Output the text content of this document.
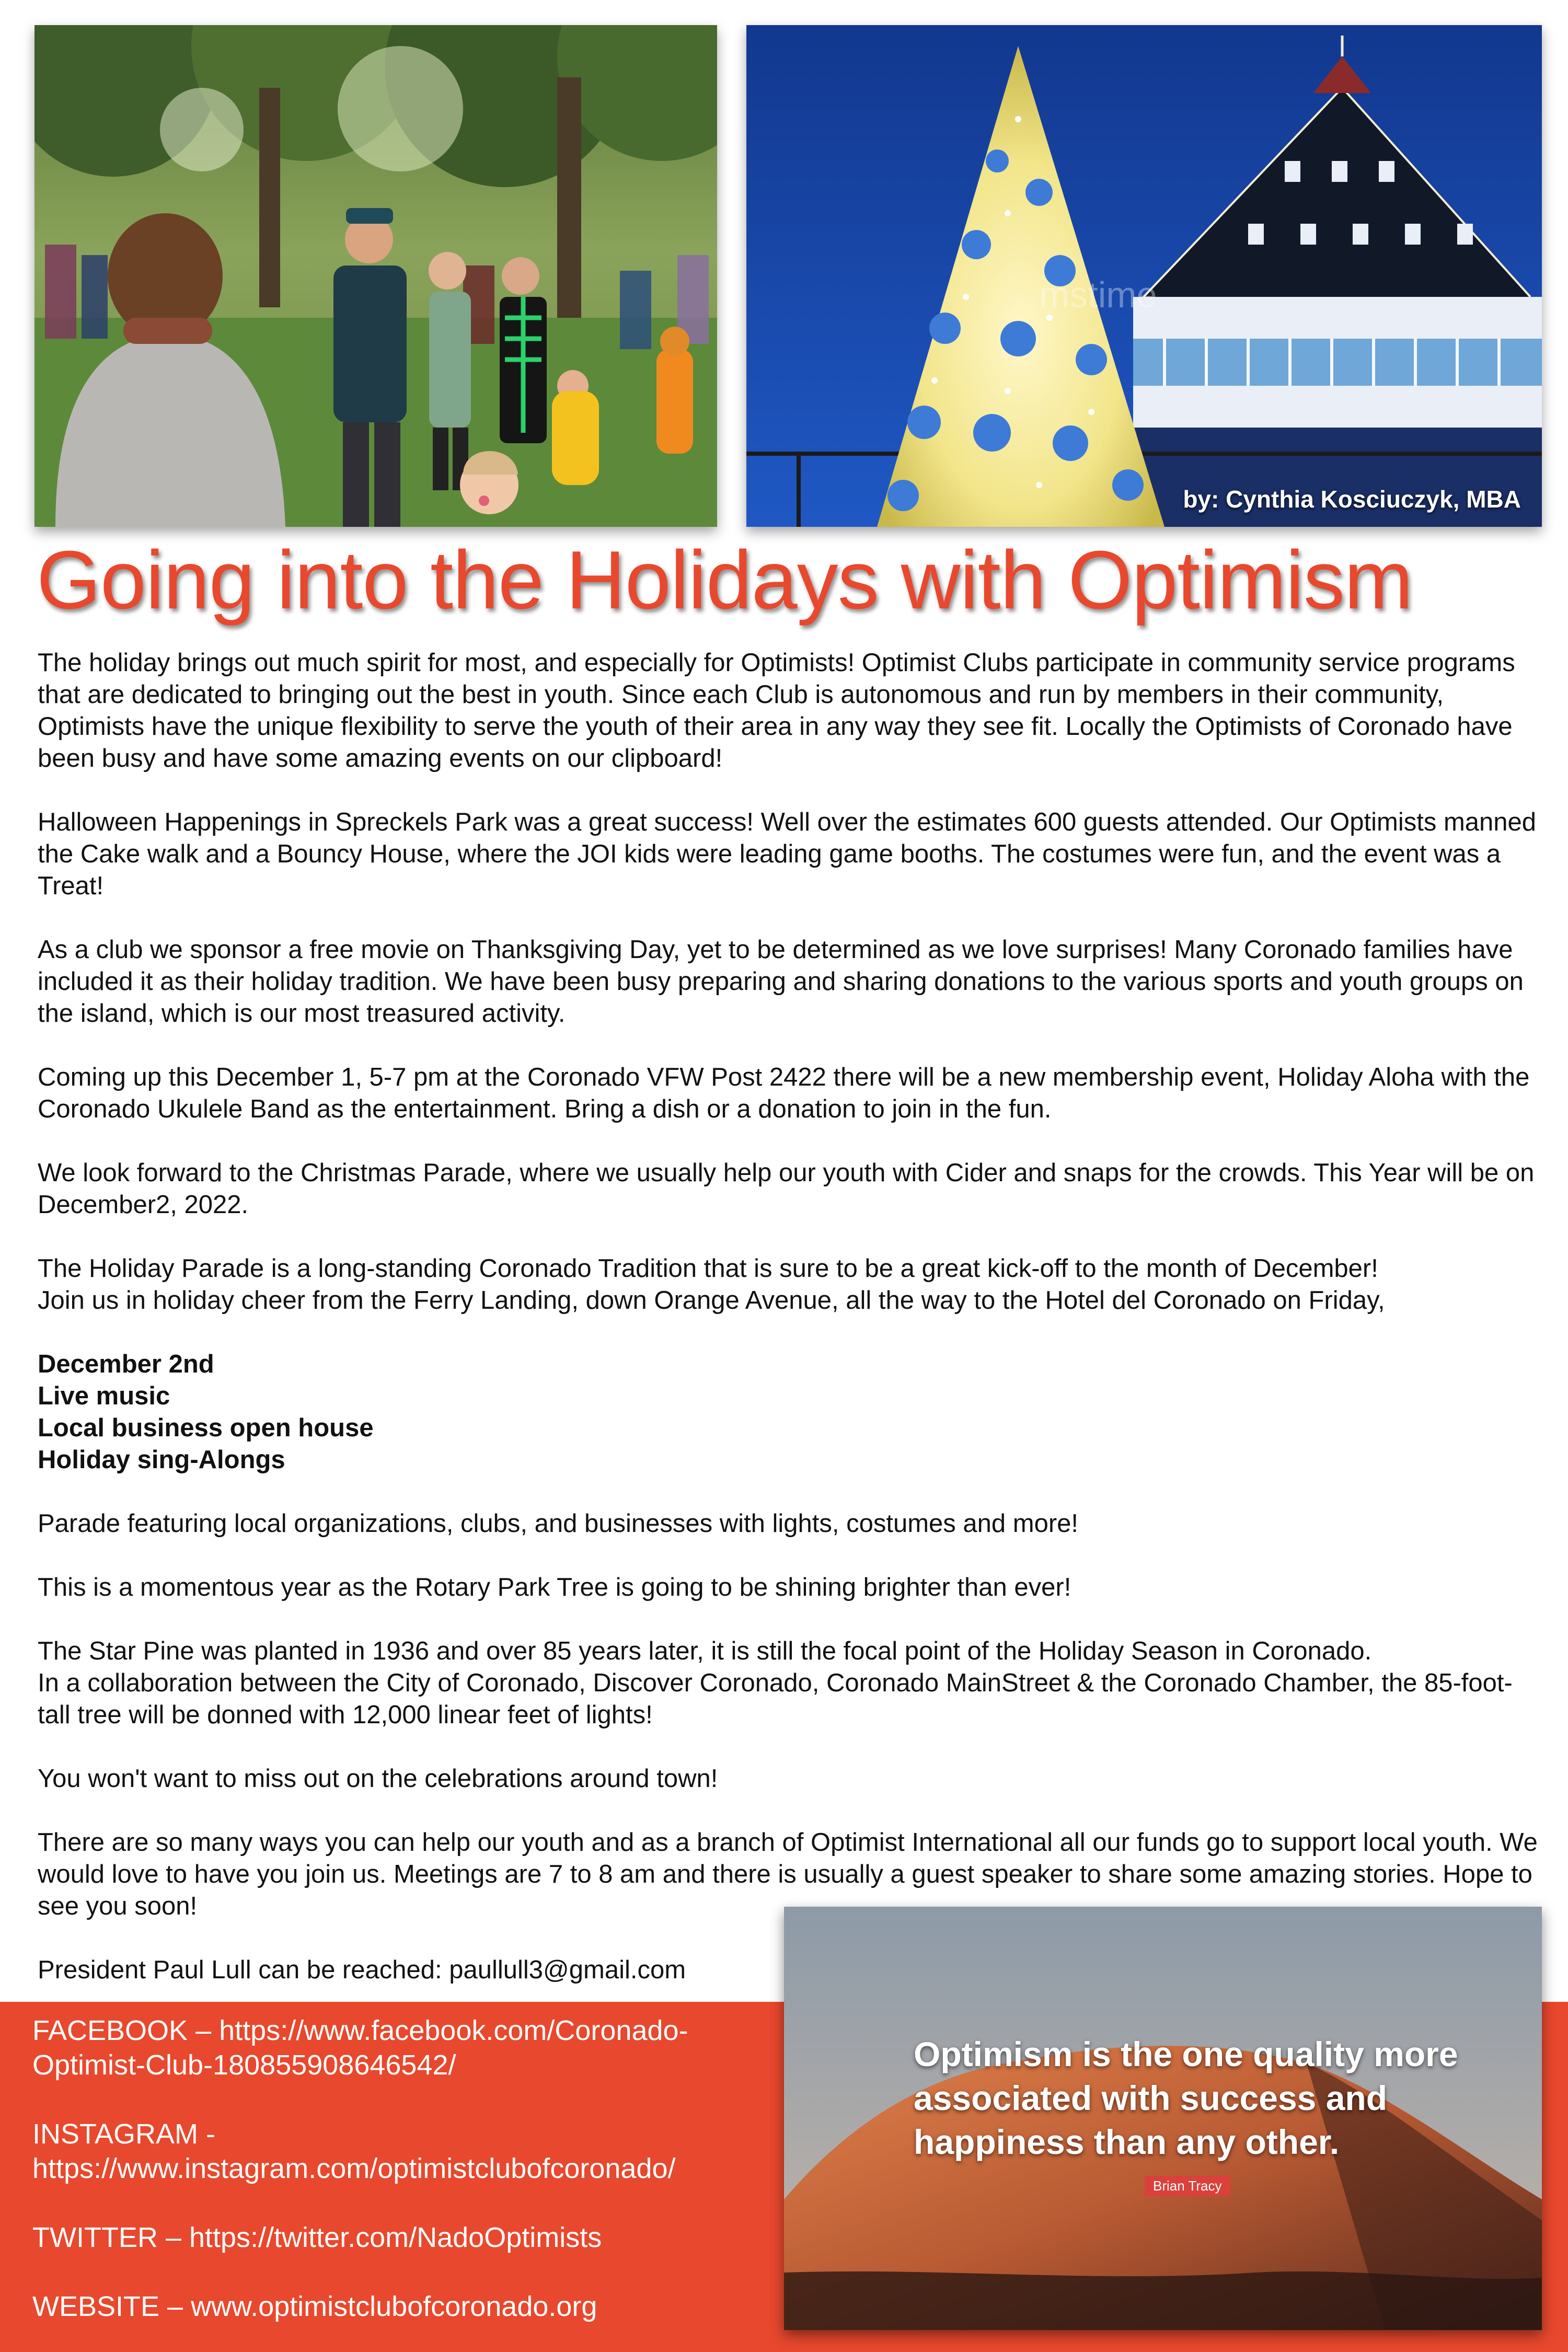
mstime
by: Cynthia Kosciuczyk, MBA
Going into the Holidays with Optimism

The holiday brings out much spirit for most, and especially for Optimists! Optimist Clubs participate in community service programs that are dedicated to bringing out the best in youth. Since each Club is autonomous and run by members in their community, Optimists have the unique flexibility to serve the youth of their area in any way they see fit. Locally the Optimists of Coronado have been busy and have some amazing events on our clipboard!

Halloween Happenings in Spreckels Park was a great success! Well over the estimates 600 guests attended. Our Optimists manned the Cake walk and a Bouncy House, where the JOI kids were leading game booths. The costumes were fun, and the event was a Treat!

As a club we sponsor a free movie on Thanksgiving Day, yet to be determined as we love surprises! Many Coronado families have included it as their holiday tradition. We have been busy preparing and sharing donations to the various sports and youth groups on the island, which is our most treasured activity.

Coming up this December 1, 5-7 pm at the Coronado VFW Post 2422 there will be a new membership event, Holiday Aloha with the Coronado Ukulele Band as the entertainment. Bring a dish or a donation to join in the fun.

We look forward to the Christmas Parade, where we usually help our youth with Cider and snaps for the crowds. This Year will be on December2, 2022.

The Holiday Parade is a long-standing Coronado Tradition that is sure to be a great kick-off to the month of December!

Join us in holiday cheer from the Ferry Landing, down Orange Avenue, all the way to the Hotel del Coronado on Friday,

December 2nd
Live music
Local business open house
Holiday sing-Alongs

Parade featuring local organizations, clubs, and businesses with lights, costumes and more!

This is a momentous year as the Rotary Park Tree is going to be shining brighter than ever!

The Star Pine was planted in 1936 and over 85 years later, it is still the focal point of the Holiday Season in Coronado.

In a collaboration between the City of Coronado, Discover Coronado, Coronado MainStreet & the Coronado Chamber, the 85-foot-tall tree will be donned with 12,000 linear feet of lights!

You won't want to miss out on the celebrations around town!

There are so many ways you can help our youth and as a branch of Optimist International all our funds go to support local youth. We would love to have you join us. Meetings are 7 to 8 am and there is usually a guest speaker to share some amazing stories. Hope to see you soon!

President Paul Lull can be reached: paullull3@gmail.com

FACEBOOK – https://www.facebook.com/Coronado-Optimist-Club-180855908646542/
INSTAGRAM - https://www.instagram.com/optimistclubofcoronado/
TWITTER – https://twitter.com/NadoOptimists
WEBSITE – www.optimistclubofcoronado.org
Optimism is the one quality more associated with success and happiness than any other.
Brian Tracy
